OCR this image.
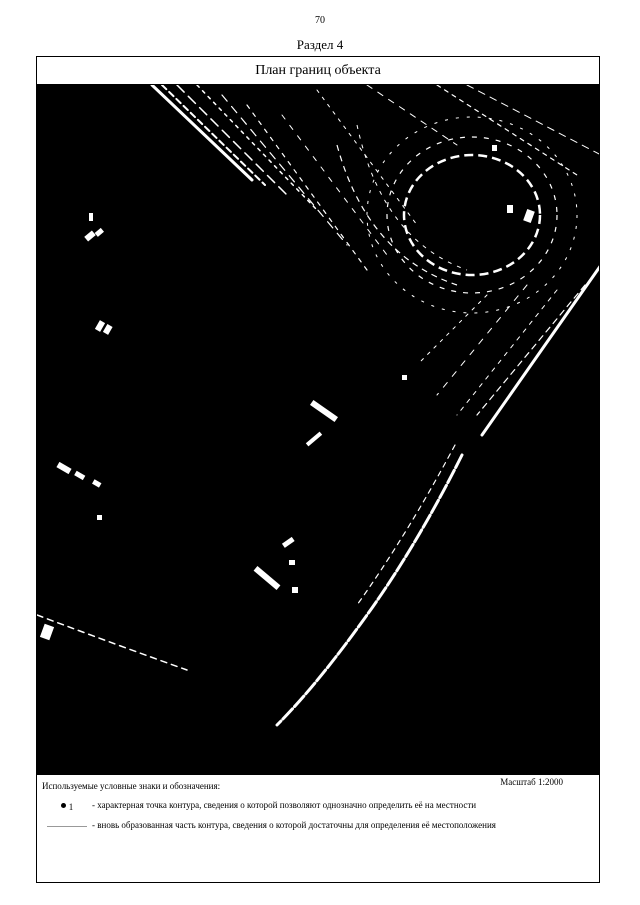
70
Раздел 4
План границ объекта
Используемые условные знаки и обозначения:	Масштаб 1:2000
1 - характерная точка контура, сведения о которой позволяют однозначно определить её на местности
- вновь образованная часть контура, сведения о которой достаточны для определения её местоположения
